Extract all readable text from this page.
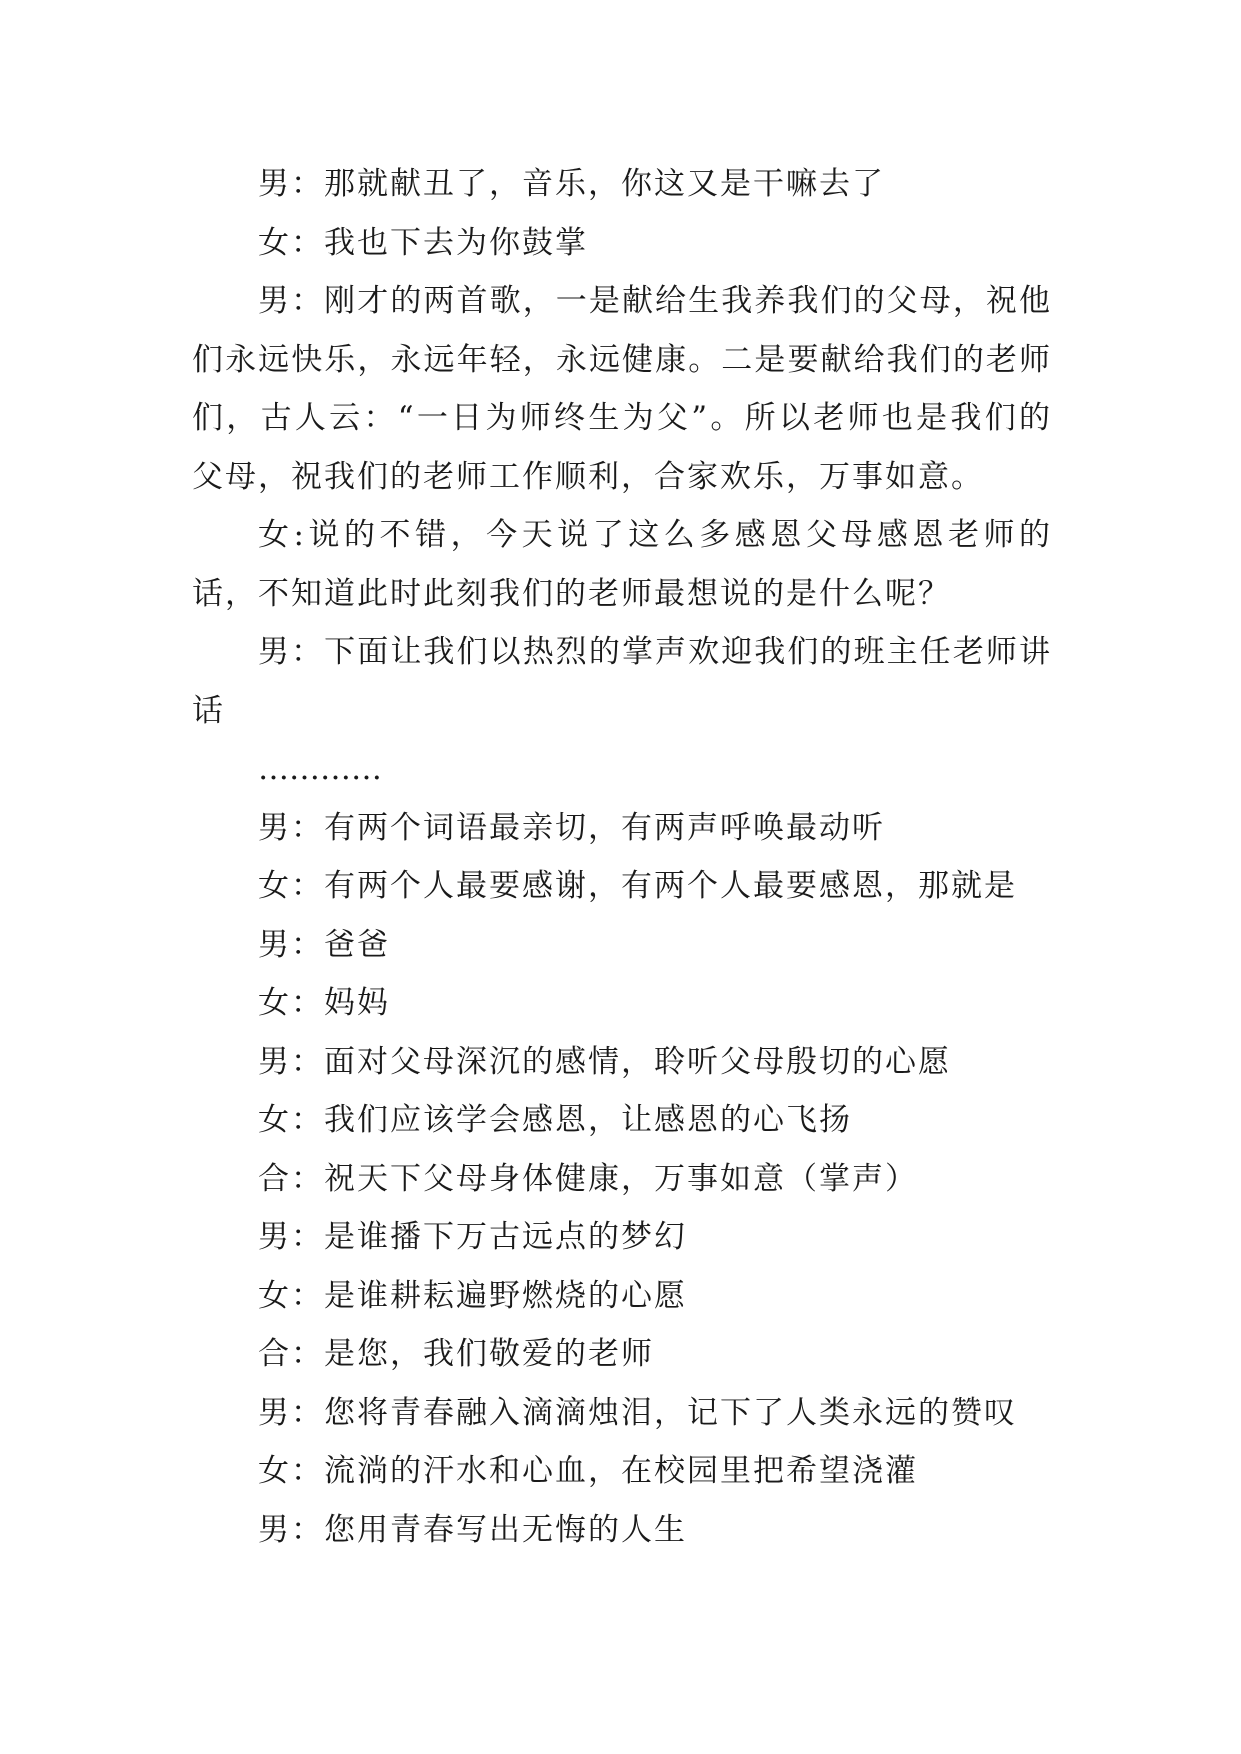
男：那就献丑了，音乐，你这又是干嘛去了

女：我也下去为你鼓掌

男：刚才的两首歌，一是献给生我养我们的父母，祝他们永远快乐，永远年轻，永远健康。二是要献给我们的老师们，古人云：“一日为师终生为父”。所以老师也是我们的父母，祝我们的老师工作顺利，合家欢乐，万事如意。

女:说的不错，今天说了这么多感恩父母感恩老师的话，不知道此时此刻我们的老师最想说的是什么呢？

男：下面让我们以热烈的掌声欢迎我们的班主任老师讲话

…………

男：有两个词语最亲切，有两声呼唤最动听

女：有两个人最要感谢，有两个人最要感恩，那就是

男：爸爸

女：妈妈

男：面对父母深沉的感情，聆听父母殷切的心愿

女：我们应该学会感恩，让感恩的心飞扬

合：祝天下父母身体健康，万事如意（掌声）

男：是谁播下万古远点的梦幻

女：是谁耕耘遍野燃烧的心愿

合：是您，我们敬爱的老师

男：您将青春融入滴滴烛泪，记下了人类永远的赞叹

女：流淌的汗水和心血，在校园里把希望浇灌

男：您用青春写出无悔的人生
